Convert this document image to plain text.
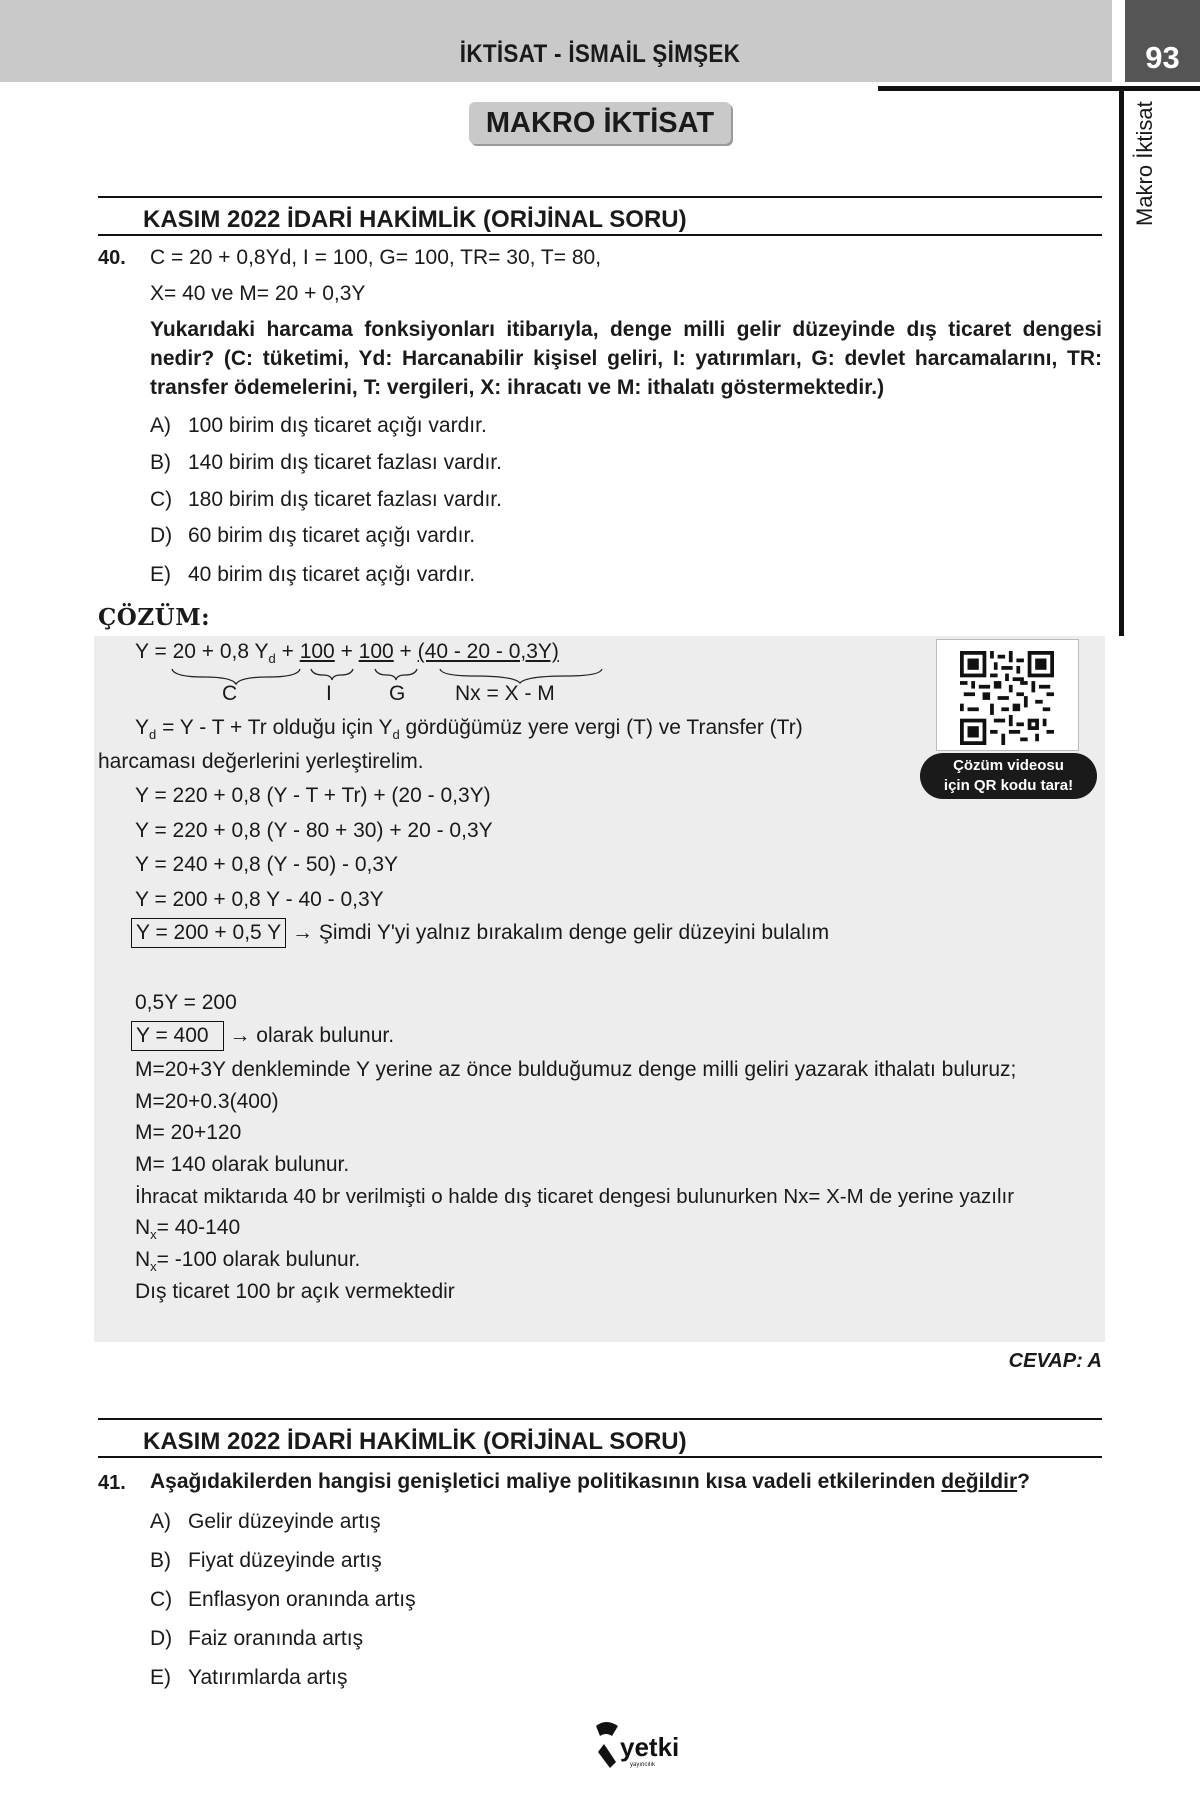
İKTİSAT - İSMAİL ŞİMŞEK	93
Makro İktisat
MAKRO İKTİSAT
KASIM 2022 İDARİ HAKİMLİK (ORİJİNAL SORU)
40. C = 20 + 0,8Yd, I = 100, G= 100, TR= 30, T= 80,
X= 40 ve M= 20 + 0,3Y
Yukarıdaki harcama fonksiyonları itibarıyla, denge milli gelir düzeyinde dış ticaret dengesi nedir? (C: tüketimi, Yd: Harcanabilir kişisel geliri, I: yatırımları, G: devlet harcamalarını, TR: transfer ödemelerini, T: vergileri, X: ihracatı ve M: ithalatı göstermektedir.)
A) 100 birim dış ticaret açığı vardır.
B) 140 birim dış ticaret fazlası vardır.
C) 180 birim dış ticaret fazlası vardır.
D) 60 birim dış ticaret açığı vardır.
E) 40 birim dış ticaret açığı vardır.
ÇÖZÜM:
Y = 20 + 0,8 $Y_d + 100 + 100 + (40 - 20 - 0,3Y)$
C	I	G Nx = X - M
$Y_d = Y - T + Tr$ olduğu için $Y_d$ gördüğümüz yere vergi (T) ve Transfer (Tr)
harcaması değerlerini yerleştirelim.
Y = 220 + 0,8 (Y - T + Tr) + (20 - 0,3Y)
Y = 220 + 0,8 (Y - 80 + 30) + 20 - 0,3Y
Y = 240 + 0,8 (Y - 50) - 0,3Y
Y = 200 + 0,8 Y - 40 - 0,3Y
Y = 200 + 0,5 Y → Şimdi Y'yi yalnız bırakalım denge gelir düzeyini bulalım
0,5Y = 200
Y = 400 → olarak bulunur.
M=20+3Y denkleminde Y yerine az önce bulduğumuz denge milli geliri yazarak ithalatı buluruz;
M=20+0.3(400)
M= 20+120
M= 140 olarak bulunur.
İhracat miktarıda 40 br verilmişti o halde dış ticaret dengesi bulunurken Nx= X-M de yerine yazılır
$N_x= 40-140$
$N_x= -100$ olarak bulunur.
Dış ticaret 100 br açık vermektedir
Çözüm videosu
için QR kodu tara!
CEVAP: A
KASIM 2022 İDARİ HAKİMLİK (ORİJİNAL SORU)
41. Aşağıdakilerden hangisi genişletici maliye politikasının kısa vadeli etkilerinden değildir?
A) Gelir düzeyinde artış
B) Fiyat düzeyinde artış
C) Enflasyon oranında artış
D) Faiz oranında artış
E) Yatırımlarda artış
yetki
yayıncılık
